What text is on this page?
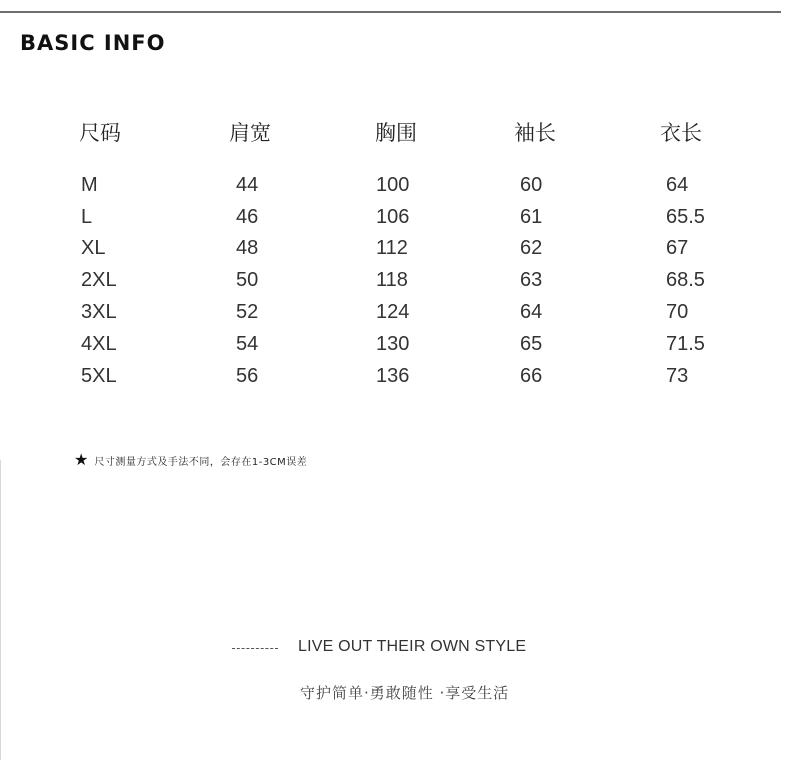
BASIC INFO
尺码	肩宽	胸围	袖长	衣长
M	44	100	60	64
L	46	106	61	65.5
XL	48	112	62	67
2XL	50	118	63	68.5
3XL	52	124	64	70
4XL	54	130	65	71.5
5XL	56	136	66	73
★ 尺寸测量方式及手法不同，会存在1-3CM误差
LIVE OUT THEIR OWN STYLE
守护简单·勇敢随性 ·享受生活
